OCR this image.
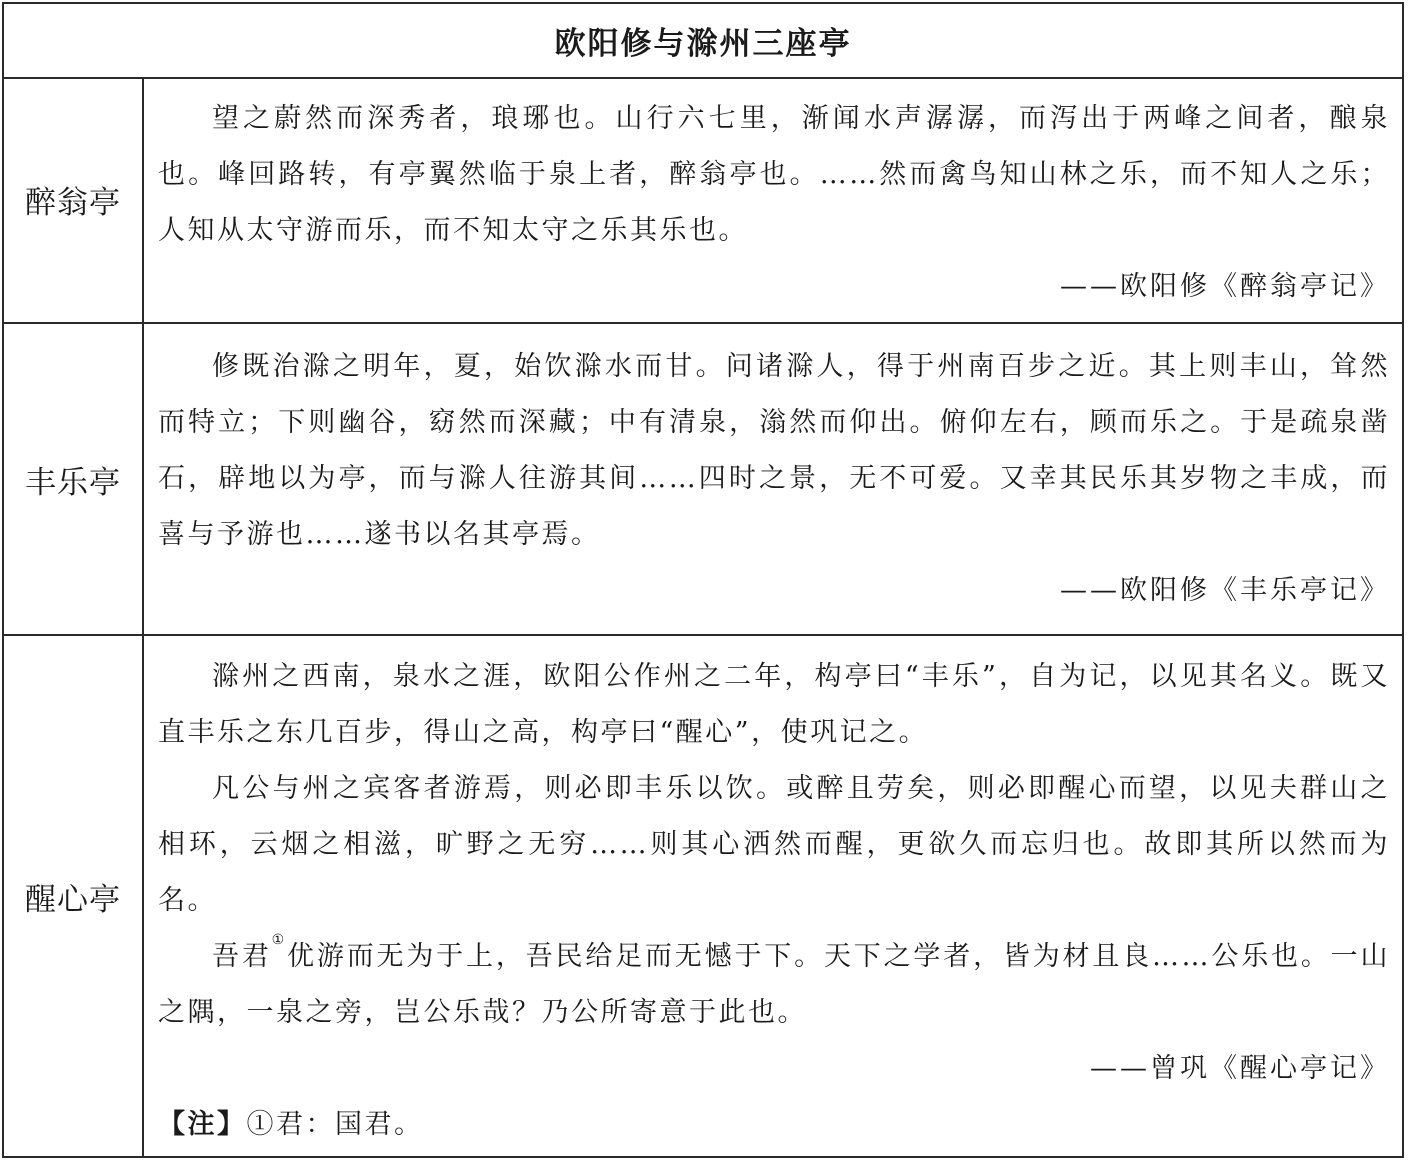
欧阳修与滁州三座亭
醉翁亭

望之蔚然而深秀者，琅琊也。山行六七里，渐闻水声潺潺，而泻出于两峰之间者，酿泉也。峰回路转，有亭翼然临于泉上者，醉翁亭也。……然而禽鸟知山林之乐，而不知人之乐；人知从太守游而乐，而不知太守之乐其乐也。

——欧阳修《醉翁亭记》

丰乐亭

修既治滁之明年，夏，始饮滁水而甘。问诸滁人，得于州南百步之近。其上则丰山，耸然而特立；下则幽谷，窈然而深藏；中有清泉，滃然而仰出。俯仰左右，顾而乐之。于是疏泉凿石，辟地以为亭，而与滁人往游其间……四时之景，无不可爱。又幸其民乐其岁物之丰成，而喜与予游也……遂书以名其亭焉。

——欧阳修《丰乐亭记》

醒心亭

滁州之西南，泉水之涯，欧阳公作州之二年，构亭曰“丰乐”，自为记，以见其名义。既又直丰乐之东几百步，得山之高，构亭曰“醒心”，使巩记之。

凡公与州之宾客者游焉，则必即丰乐以饮。或醉且劳矣，则必即醒心而望，以见夫群山之相环，云烟之相滋，旷野之无穷……则其心洒然而醒，更欲久而忘归也。故即其所以然而为名。

吾君①优游而无为于上，吾民给足而无憾于下。天下之学者，皆为材且良……公乐也。一山之隅，一泉之旁，岂公乐哉？乃公所寄意于此也。

——曾巩《醒心亭记》

【注】①君：国君。
